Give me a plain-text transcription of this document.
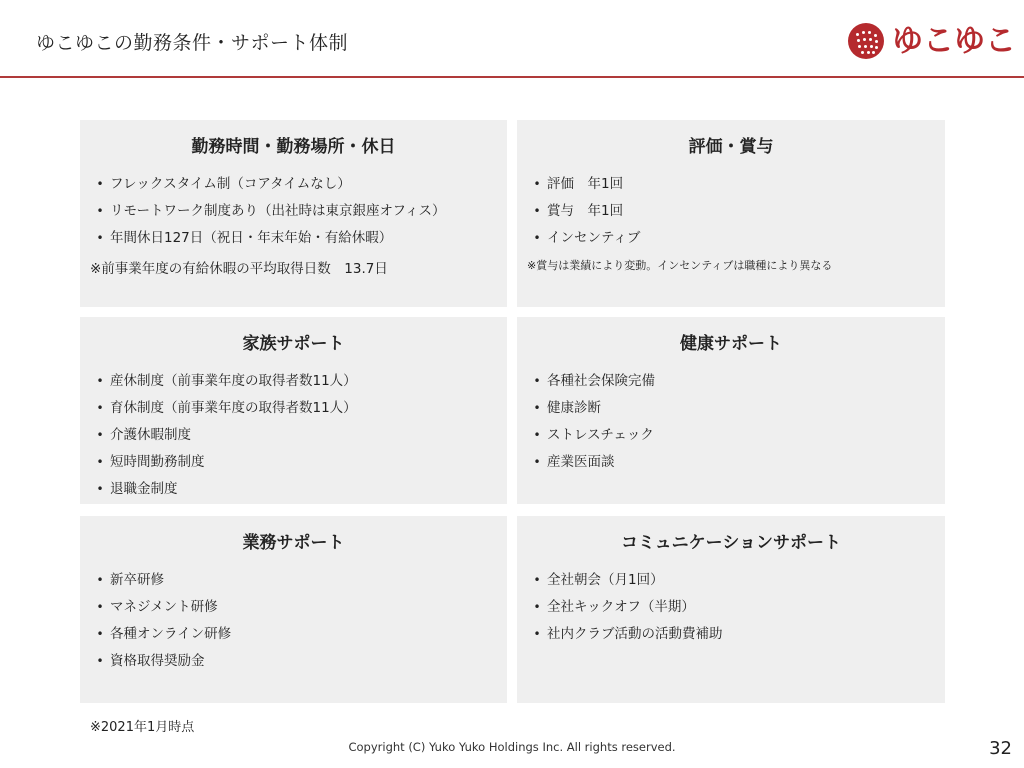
ゆこゆこの勤務条件・サポート体制	ゆこゆこ
勤務時間・勤務場所・休日
• フレックスタイム制（コアタイムなし）
• リモートワーク制度あり（出社時は東京銀座オフィス）
• 年間休日127日（祝日・年末年始・有給休暇）
※前事業年度の有給休暇の平均取得日数　13.7日
評価・賞与
• 評価　年1回
• 賞与　年1回
• インセンティブ
※賞与は業績により変動。インセンティブは職種により異なる
家族サポート
• 産休制度（前事業年度の取得者数11人）
• 育休制度（前事業年度の取得者数11人）
• 介護休暇制度
• 短時間勤務制度
• 退職金制度
健康サポート
• 各種社会保険完備
• 健康診断
• ストレスチェック
• 産業医面談
業務サポート
• 新卒研修
• マネジメント研修
• 各種オンライン研修
• 資格取得奨励金
コミュニケーションサポート
• 全社朝会（月1回）
• 全社キックオフ（半期）
• 社内クラブ活動の活動費補助
※2021年1月時点
Copyright (C) Yuko Yuko Holdings Inc. All rights reserved.	32
